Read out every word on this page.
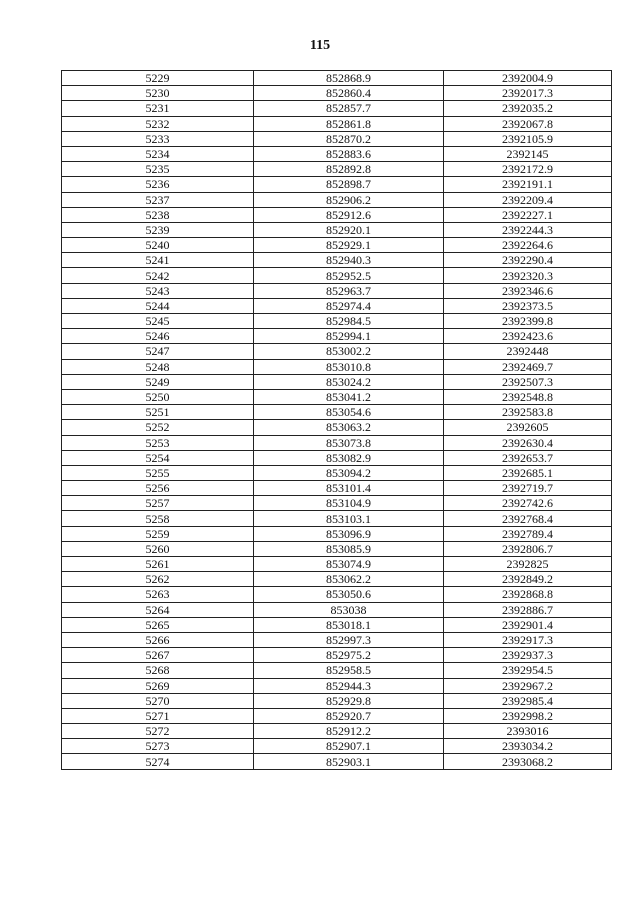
115
5229	852868.9	2392004.9
5230	852860.4	2392017.3
5231	852857.7	2392035.2
5232	852861.8	2392067.8
5233	852870.2	2392105.9
5234	852883.6	2392145
5235	852892.8	2392172.9
5236	852898.7	2392191.1
5237	852906.2	2392209.4
5238	852912.6	2392227.1
5239	852920.1	2392244.3
5240	852929.1	2392264.6
5241	852940.3	2392290.4
5242	852952.5	2392320.3
5243	852963.7	2392346.6
5244	852974.4	2392373.5
5245	852984.5	2392399.8
5246	852994.1	2392423.6
5247	853002.2	2392448
5248	853010.8	2392469.7
5249	853024.2	2392507.3
5250	853041.2	2392548.8
5251	853054.6	2392583.8
5252	853063.2	2392605
5253	853073.8	2392630.4
5254	853082.9	2392653.7
5255	853094.2	2392685.1
5256	853101.4	2392719.7
5257	853104.9	2392742.6
5258	853103.1	2392768.4
5259	853096.9	2392789.4
5260	853085.9	2392806.7
5261	853074.9	2392825
5262	853062.2	2392849.2
5263	853050.6	2392868.8
5264	853038	2392886.7
5265	853018.1	2392901.4
5266	852997.3	2392917.3
5267	852975.2	2392937.3
5268	852958.5	2392954.5
5269	852944.3	2392967.2
5270	852929.8	2392985.4
5271	852920.7	2392998.2
5272	852912.2	2393016
5273	852907.1	2393034.2
5274	852903.1	2393068.2
